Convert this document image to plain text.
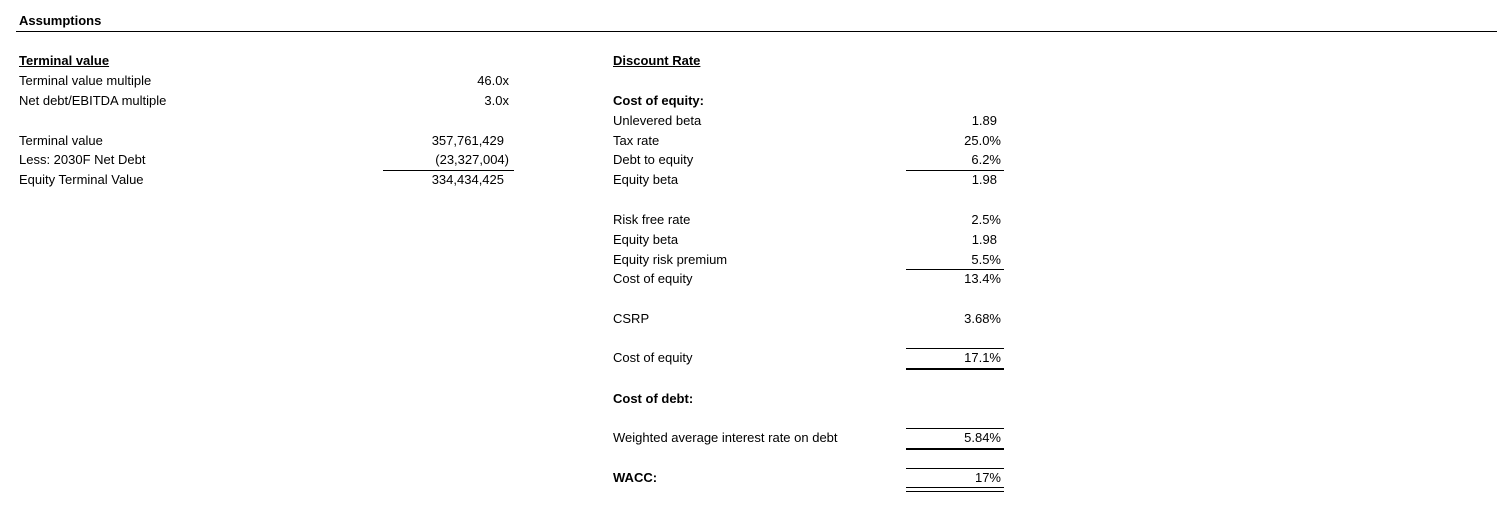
Assumptions
Terminal value
Terminal value multiple	46.0x
Net debt/EBITDA multiple	3.0x
Terminal value	357,761,429
Less: 2030F Net Debt	(23,327,004)
Equity Terminal Value	334,434,425
Discount Rate
Cost of equity:
Unlevered beta	1.89
Tax rate	25.0%
Debt to equity	6.2%
Equity beta	1.98
Risk free rate	2.5%
Equity beta	1.98
Equity risk premium	5.5%
Cost of equity	13.4%
CSRP	3.68%
Cost of equity	17.1%
Cost of debt:
Weighted average interest rate on debt	5.84%
WACC:	17%
